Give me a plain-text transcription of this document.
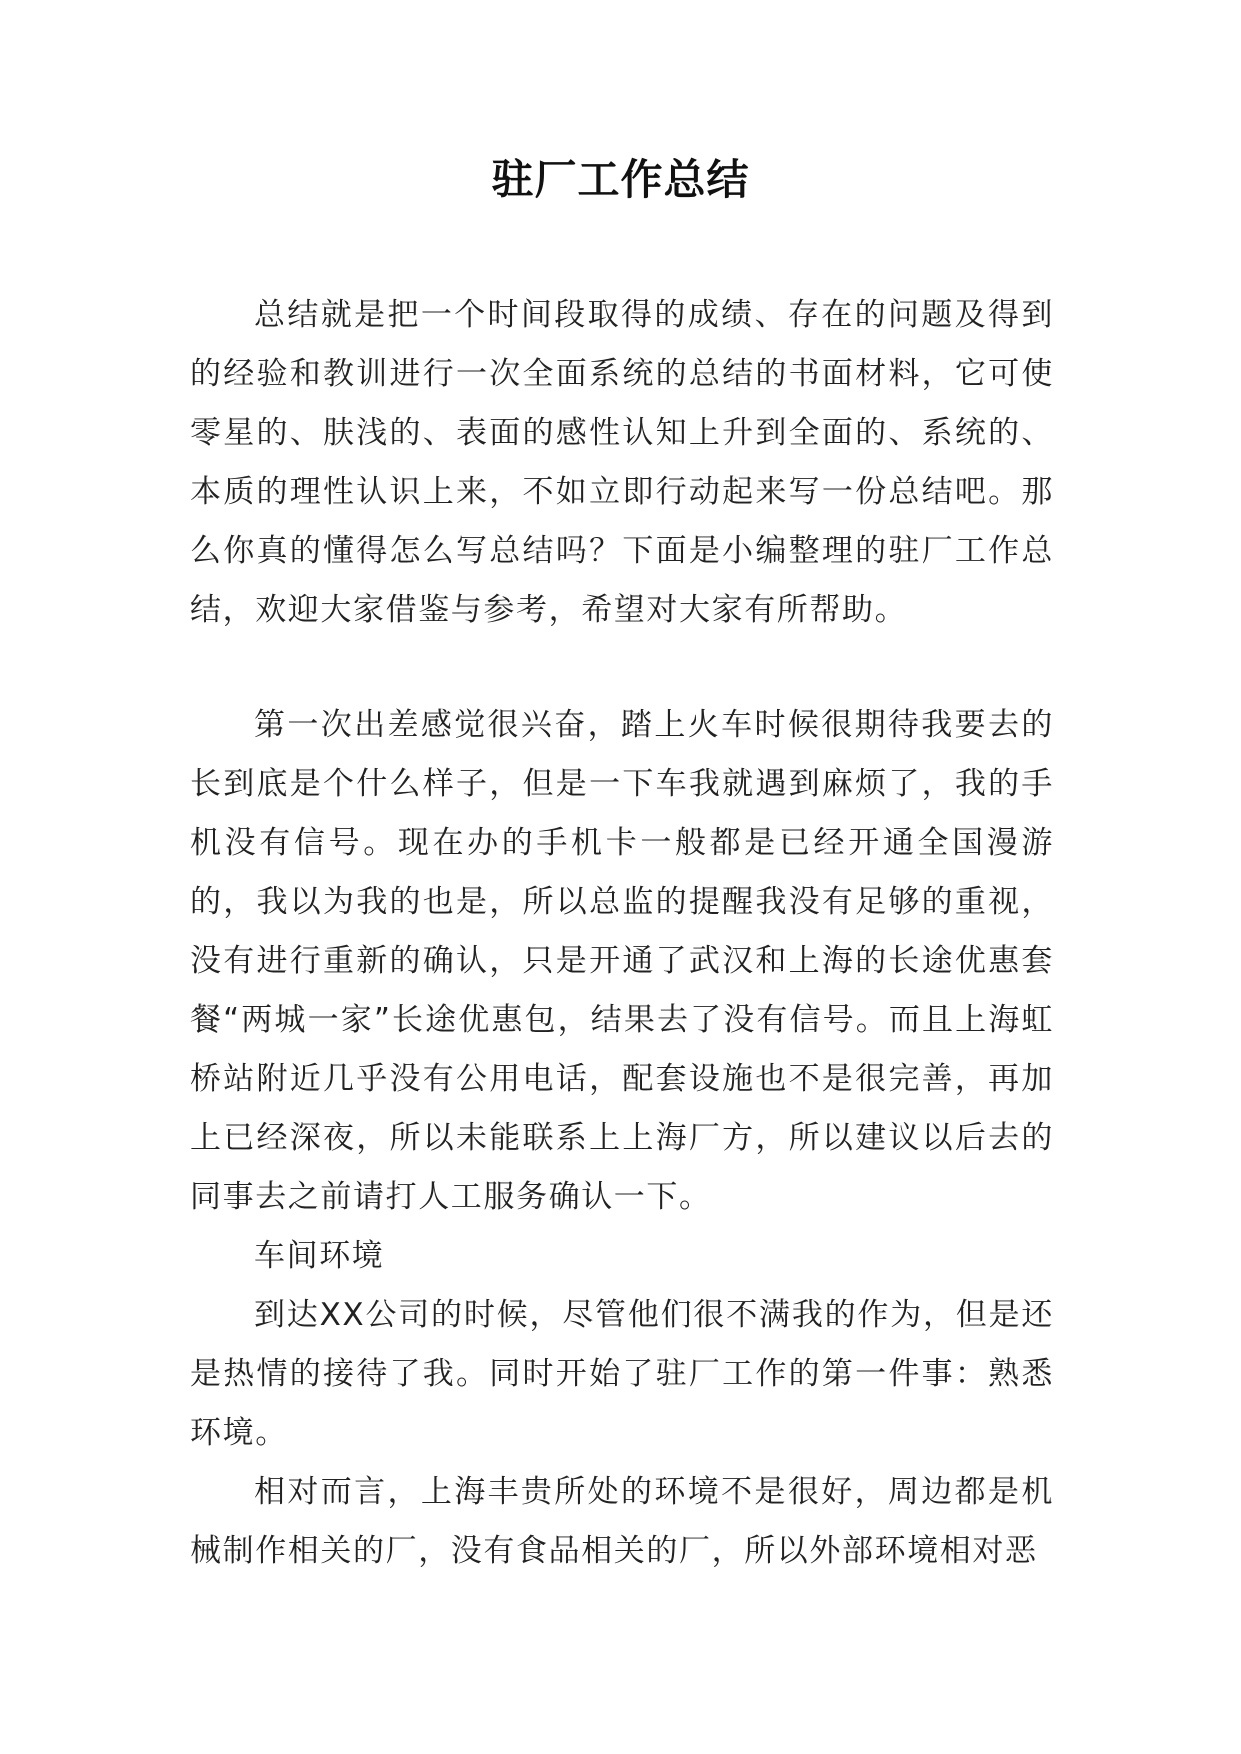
驻厂工作总结

总结就是把一个时间段取得的成绩、存在的问题及得到的经验和教训进行一次全面系统的总结的书面材料，它可使零星的、肤浅的、表面的感性认知上升到全面的、系统的、本质的理性认识上来，不如立即行动起来写一份总结吧。那么你真的懂得怎么写总结吗？下面是小编整理的驻厂工作总结，欢迎大家借鉴与参考，希望对大家有所帮助。

第一次出差感觉很兴奋，踏上火车时候很期待我要去的长到底是个什么样子，但是一下车我就遇到麻烦了，我的手机没有信号。现在办的手机卡一般都是已经开通全国漫游的，我以为我的也是，所以总监的提醒我没有足够的重视，没有进行重新的确认，只是开通了武汉和上海的长途优惠套餐“两城一家”长途优惠包，结果去了没有信号。而且上海虹桥站附近几乎没有公用电话，配套设施也不是很完善，再加上已经深夜，所以未能联系上上海厂方，所以建议以后去的同事去之前请打人工服务确认一下。

车间环境

到达XX公司的时候，尽管他们很不满我的作为，但是还是热情的接待了我。同时开始了驻厂工作的第一件事：熟悉环境。

相对而言，上海丰贵所处的环境不是很好，周边都是机械制作相关的厂，没有食品相关的厂，所以外部环境相对恶
